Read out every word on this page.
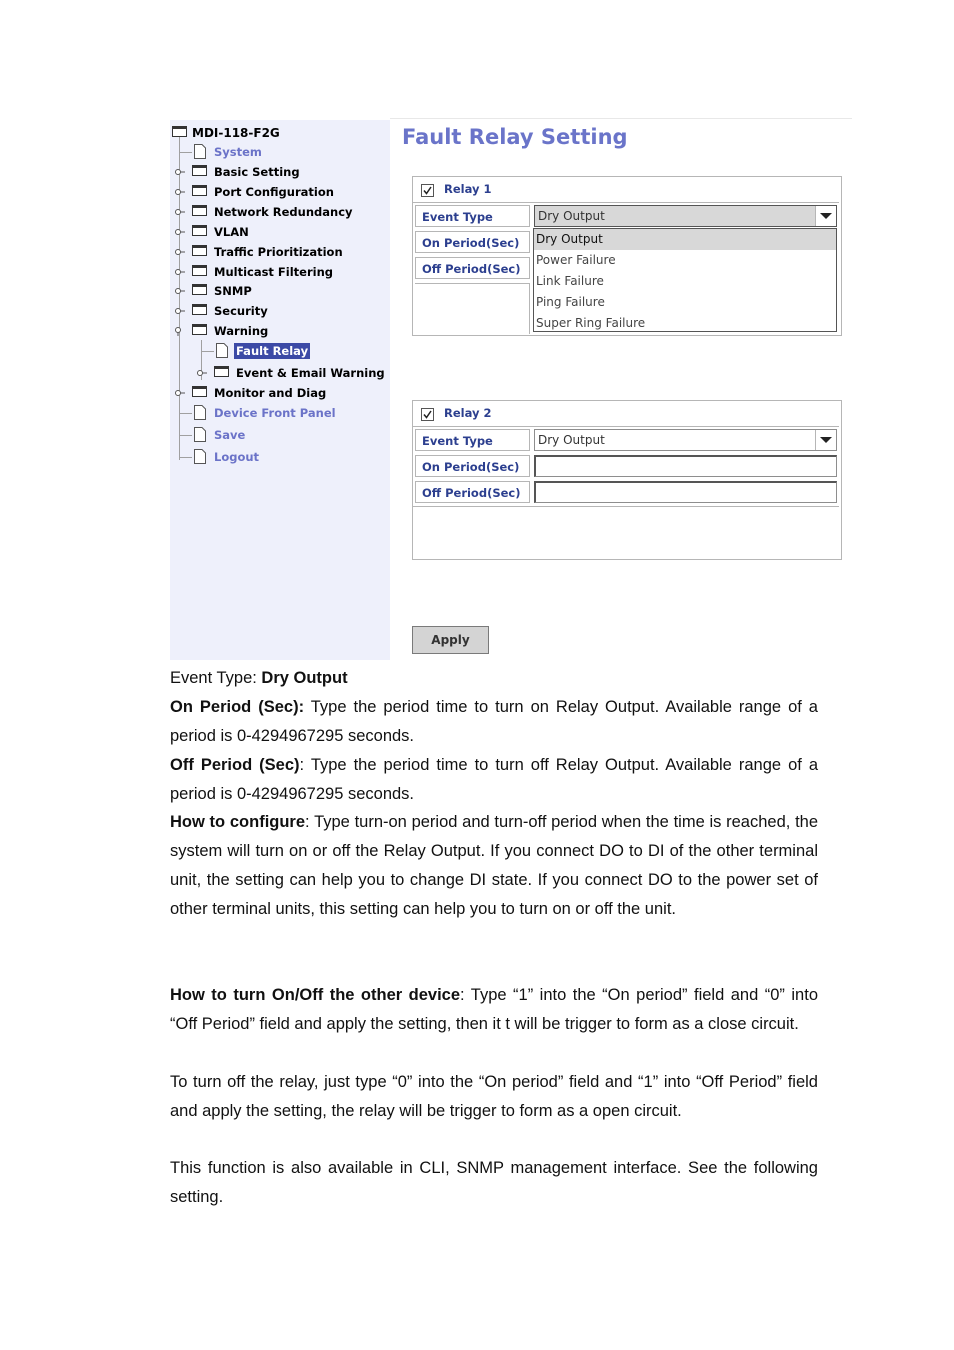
MDI-118-F2G
System
Basic Setting
Port Configuration
Network Redundancy
VLAN
Traffic Prioritization
Multicast Filtering
SNMP
Security
Warning
Fault Relay
Event & Email Warning
Monitor and Diag
Device Front Panel
Save
Logout
Fault Relay Setting
Relay 1
Event Type	Dry Output
On Period(Sec)
Off Period(Sec)
Dry Output
Power Failure
Link Failure
Ping Failure
Super Ring Failure
Relay 2
Event Type	Dry Output
On Period(Sec)
Off Period(Sec)
Apply
Event Type: Dry Output
On Period (Sec): Type the period time to turn on Relay Output. Available range of a period is 0-4294967295 seconds.
Off Period (Sec): Type the period time to turn off Relay Output. Available range of a period is 0-4294967295 seconds.
How to configure: Type turn-on period and turn-off period when the time is reached, the system will turn on or off the Relay Output. If you connect DO to DI of the other terminal unit, the setting can help you to change DI state. If you connect DO to the power set of other terminal units, this setting can help you to turn on or off the unit.
How to turn On/Off the other device: Type “1” into the “On period” field and “0” into “Off Period” field and apply the setting, then it t will be trigger to form as a close circuit.
To turn off the relay, just type “0” into the “On period” field and “1” into “Off Period” field and apply the setting, the relay will be trigger to form as a open circuit.
This function is also available in CLI, SNMP management interface. See the following setting.
